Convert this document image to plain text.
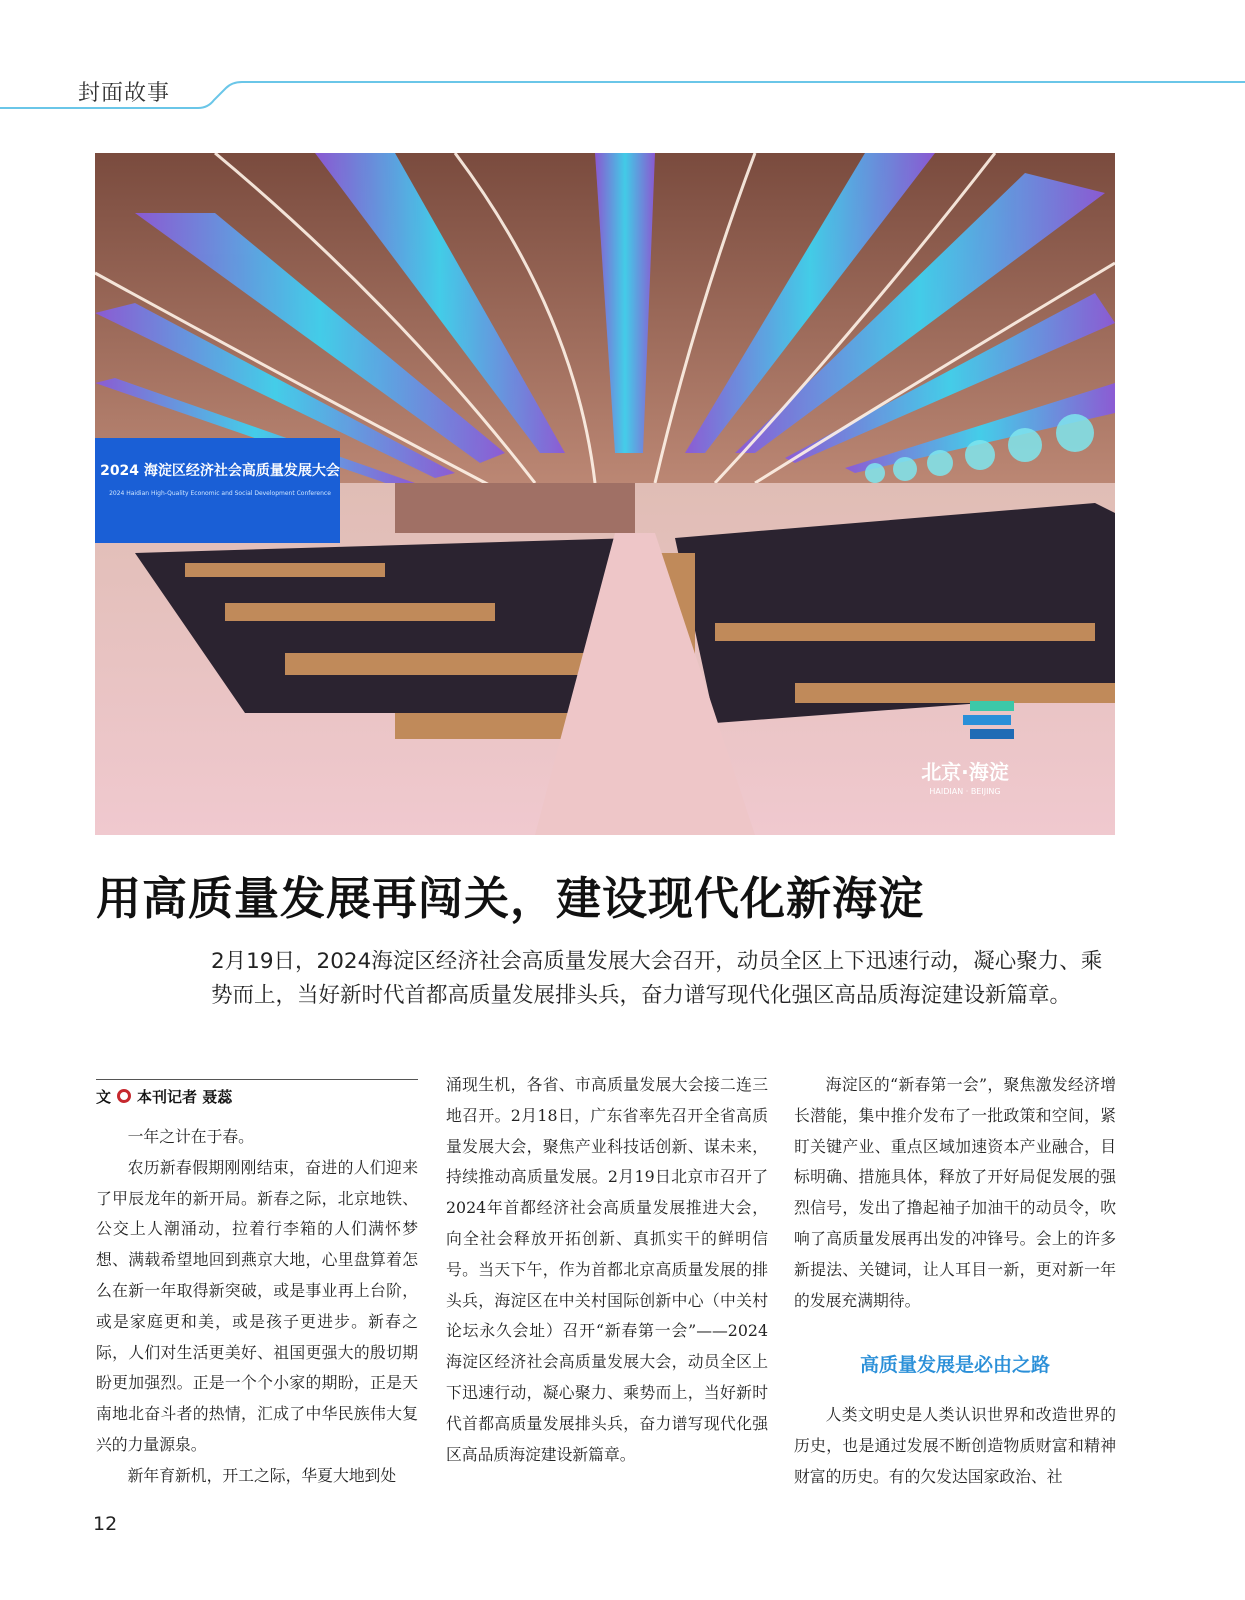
封面故事
2024 海淀区经济社会高质量发展大会
2024 Haidian High-Quality Economic and Social Development Conference
北京·海淀
HAIDIAN · BEIJING
用高质量发展再闯关，建设现代化新海淀
2月19日，2024海淀区经济社会高质量发展大会召开，动员全区上下迅速行动，凝心聚力、乘势而上，当好新时代首都高质量发展排头兵，奋力谱写现代化强区高品质海淀建设新篇章。
文 本刊记者 聂蕊

一年之计在于春。

农历新春假期刚刚结束，奋进的人们迎来了甲辰龙年的新开局。新春之际，北京地铁、公交上人潮涌动，拉着行李箱的人们满怀梦想、满载希望地回到燕京大地，心里盘算着怎么在新一年取得新突破，或是事业再上台阶，或是家庭更和美，或是孩子更进步。新春之际，人们对生活更美好、祖国更强大的殷切期盼更加强烈。正是一个个小家的期盼，正是天南地北奋斗者的热情，汇成了中华民族伟大复兴的力量源泉。

新年育新机，开工之际，华夏大地到处

涌现生机，各省、市高质量发展大会接二连三地召开。2月18日，广东省率先召开全省高质量发展大会，聚焦产业科技话创新、谋未来，持续推动高质量发展。2月19日北京市召开了2024年首都经济社会高质量发展推进大会，向全社会释放开拓创新、真抓实干的鲜明信号。当天下午，作为首都北京高质量发展的排头兵，海淀区在中关村国际创新中心（中关村论坛永久会址）召开“新春第一会”——2024海淀区经济社会高质量发展大会，动员全区上下迅速行动，凝心聚力、乘势而上，当好新时代首都高质量发展排头兵，奋力谱写现代化强区高品质海淀建设新篇章。

海淀区的“新春第一会”，聚焦激发经济增长潜能，集中推介发布了一批政策和空间，紧盯关键产业、重点区域加速资本产业融合，目标明确、措施具体，释放了开好局促发展的强烈信号，发出了撸起袖子加油干的动员令，吹响了高质量发展再出发的冲锋号。会上的许多新提法、关键词，让人耳目一新，更对新一年的发展充满期待。

高质量发展是必由之路

人类文明史是人类认识世界和改造世界的历史，也是通过发展不断创造物质财富和精神财富的历史。有的欠发达国家政治、社

12
